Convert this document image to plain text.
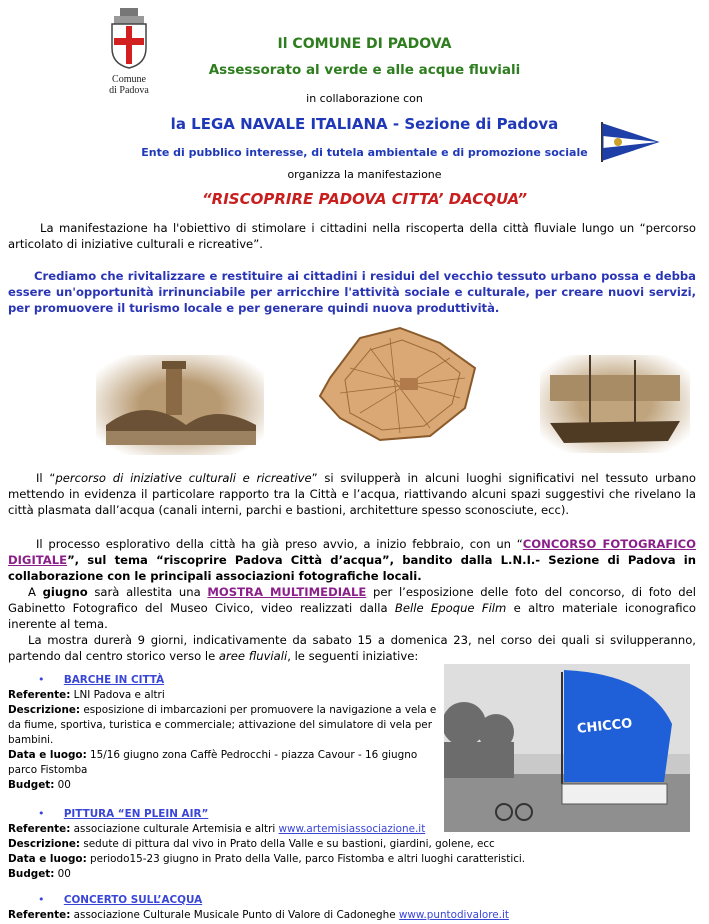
Comune
di Padova
Il COMUNE DI PADOVA
Assessorato al verde e alle acque fluviali
in collaborazione con
la LEGA NAVALE ITALIANA - Sezione di Padova
Ente di pubblico interesse, di tutela ambientale e di promozione sociale
organizza la manifestazione
“RISCOPRIRE PADOVA CITTA’ DACQUA”
La manifestazione ha l'obiettivo di stimolare i cittadini nella riscoperta della città fluviale lungo un “percorso articolato di iniziative culturali e ricreative”.
Crediamo che rivitalizzare e restituire ai cittadini i residui del vecchio tessuto urbano possa e debba essere un'opportunità irrinunciabile per arricchire l'attività sociale e culturale, per creare nuovi servizi, per promuovere il turismo locale e per generare quindi nuova produttività.
Il “percorso di iniziative culturali e ricreative” si svilupperà in alcuni luoghi significativi nel tessuto urbano mettendo in evidenza il particolare rapporto tra la Città e l’acqua, riattivando alcuni spazi suggestivi che rivelano la città plasmata dall’acqua (canali interni, parchi e bastioni, architetture spesso sconosciute, ecc).
Il processo esplorativo della città ha già preso avvio, a inizio febbraio, con un “CONCORSO FOTOGRAFICO DIGITALE”, sul tema “riscoprire Padova Città d’acqua”, bandito dalla L.N.I.- Sezione di Padova in collaborazione con le principali associazioni fotografiche locali.
A giugno sarà allestita una MOSTRA MULTIMEDIALE per l’esposizione delle foto del concorso, di foto del Gabinetto Fotografico del Museo Civico, video realizzati dalla Belle Epoque Film e altro materiale iconografico inerente al tema.
La mostra durerà 9 giorni, indicativamente da sabato 15 a domenica 23, nel corso dei quali si svilupperanno, partendo dal centro storico verso le aree fluviali, le seguenti iniziative:
CHICCO
• BARCHE IN CITTÀ
Referente: LNI Padova e altri
Descrizione: esposizione di imbarcazioni per promuovere la navigazione a vela e da fiume, sportiva, turistica e commerciale; attivazione del simulatore di vela per bambini.
Data e luogo: 15/16 giugno zona Caffè Pedrocchi - piazza Cavour - 16 giugno parco Fistomba
Budget: 00
• PITTURA “EN PLEIN AIR”
Referente: associazione culturale Artemisia e altri www.artemisiassociazione.it
Descrizione: sedute di pittura dal vivo in Prato della Valle e su bastioni, giardini, golene, ecc
Data e luogo: periodo15-23 giugno in Prato della Valle, parco Fistomba e altri luoghi caratteristici.
Budget: 00
• CONCERTO SULL’ACQUA
Referente: associazione Culturale Musicale Punto di Valore di Cadoneghe www.puntodivalore.it
